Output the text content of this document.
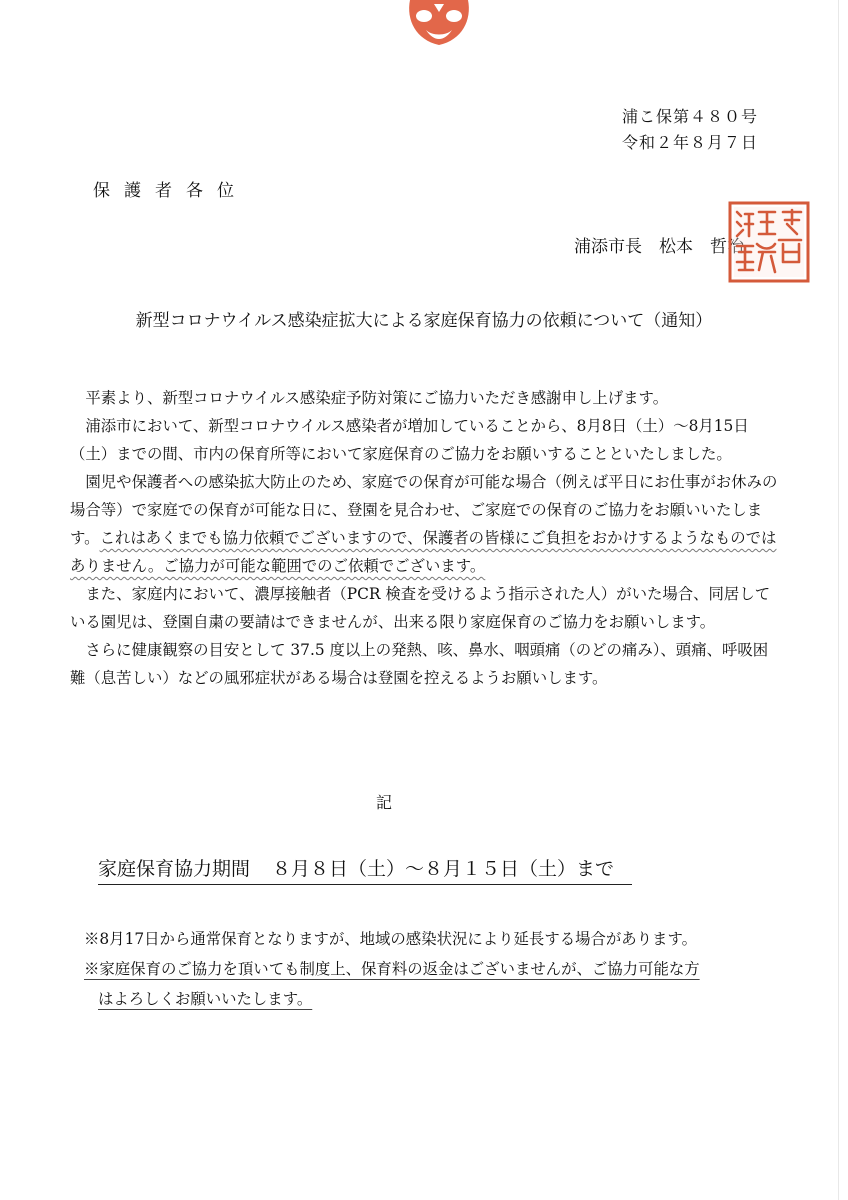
浦こ保第４８０号
令和２年８月７日
保護者各位
浦添市長　松本　哲治
新型コロナウイルス感染症拡大による家庭保育協力の依頼について（通知）

平素より、新型コロナウイルス感染症予防対策にご協力いただき感謝申し上げます。

浦添市において、新型コロナウイルス感染者が増加していることから、8月8日（土）～8月15日（土）までの間、市内の保育所等において家庭保育のご協力をお願いすることといたしました。

園児や保護者への感染拡大防止のため、家庭での保育が可能な場合（例えば平日にお仕事がお休みの場合等）で家庭での保育が可能な日に、登園を見合わせ、ご家庭での保育のご協力をお願いいたします。これはあくまでも協力依頼でございますので、保護者の皆様にご負担をおかけするようなものではありません。ご協力が可能な範囲でのご依頼でございます。

また、家庭内において、濃厚接触者（PCR 検査を受けるよう指示された人）がいた場合、同居している園児は、登園自粛の要請はできませんが、出来る限り家庭保育のご協力をお願いします。

さらに健康観察の目安として 37.5 度以上の発熱、咳、鼻水、咽頭痛（のどの痛み）、頭痛、呼吸困難（息苦しい）などの風邪症状がある場合は登園を控えるようお願いします。

記
家庭保育協力期間 ８月８日（土）～８月１５日（土）まで

※8月17日から通常保育となりますが、地域の感染状況により延長する場合があります。

※家庭保育のご協力を頂いても制度上、保育料の返金はございませんが、ご協力可能な方

はよろしくお願いいたします。
